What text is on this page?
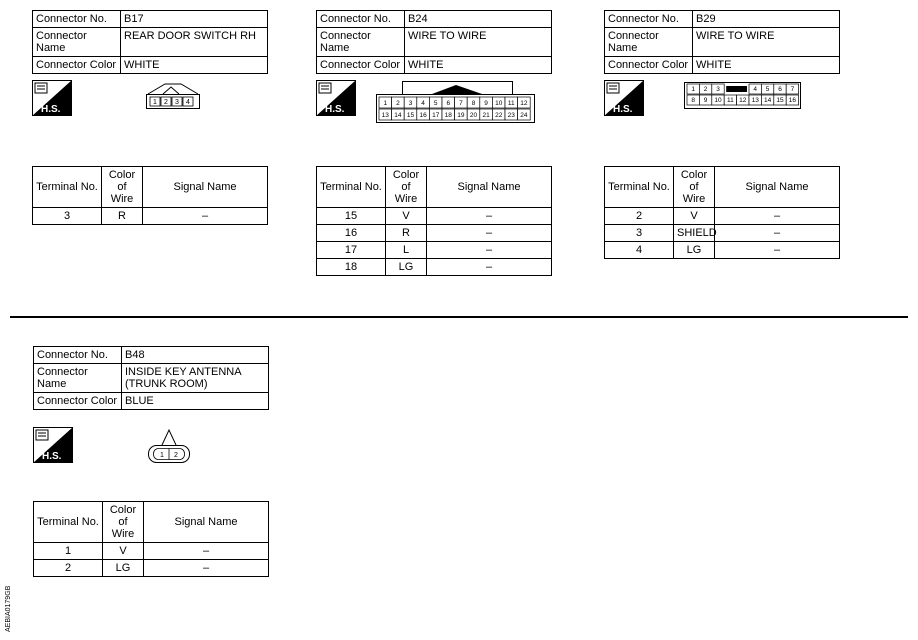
Connector No.	B17
Connector Name	REAR DOOR SWITCH RH
Connector Color	WHITE
H.S.
1 2 3 4
Terminal No.	Color of Wire	Signal Name
3	R	–
Connector No.	B24
Connector Name	WIRE TO WIRE
Connector Color	WHITE
H.S.
1 2 3 4 5 6 7 8 9 10 11 12
13 14 15 16 17 18 19 20 21 22 23 24
Terminal No.	Color of Wire	Signal Name
15	V	–
16	R	–
17	L	–
18	LG	–
Connector No.	B29
Connector Name	WIRE TO WIRE
Connector Color	WHITE
H.S.
1 2 3	4 5 6 7
8 9 10 11 12 13 14 15 16
Terminal No.	Color of Wire	Signal Name
2	V	–
3	SHIELD	–
4	LG	–
Connector No.	B48
Connector Name	INSIDE KEY ANTENNA (TRUNK ROOM)
Connector Color	BLUE
H.S.	1 2
Terminal No.	Color of Wire	Signal Name
1	V	–
2	LG	–
AEBIA0179GB
